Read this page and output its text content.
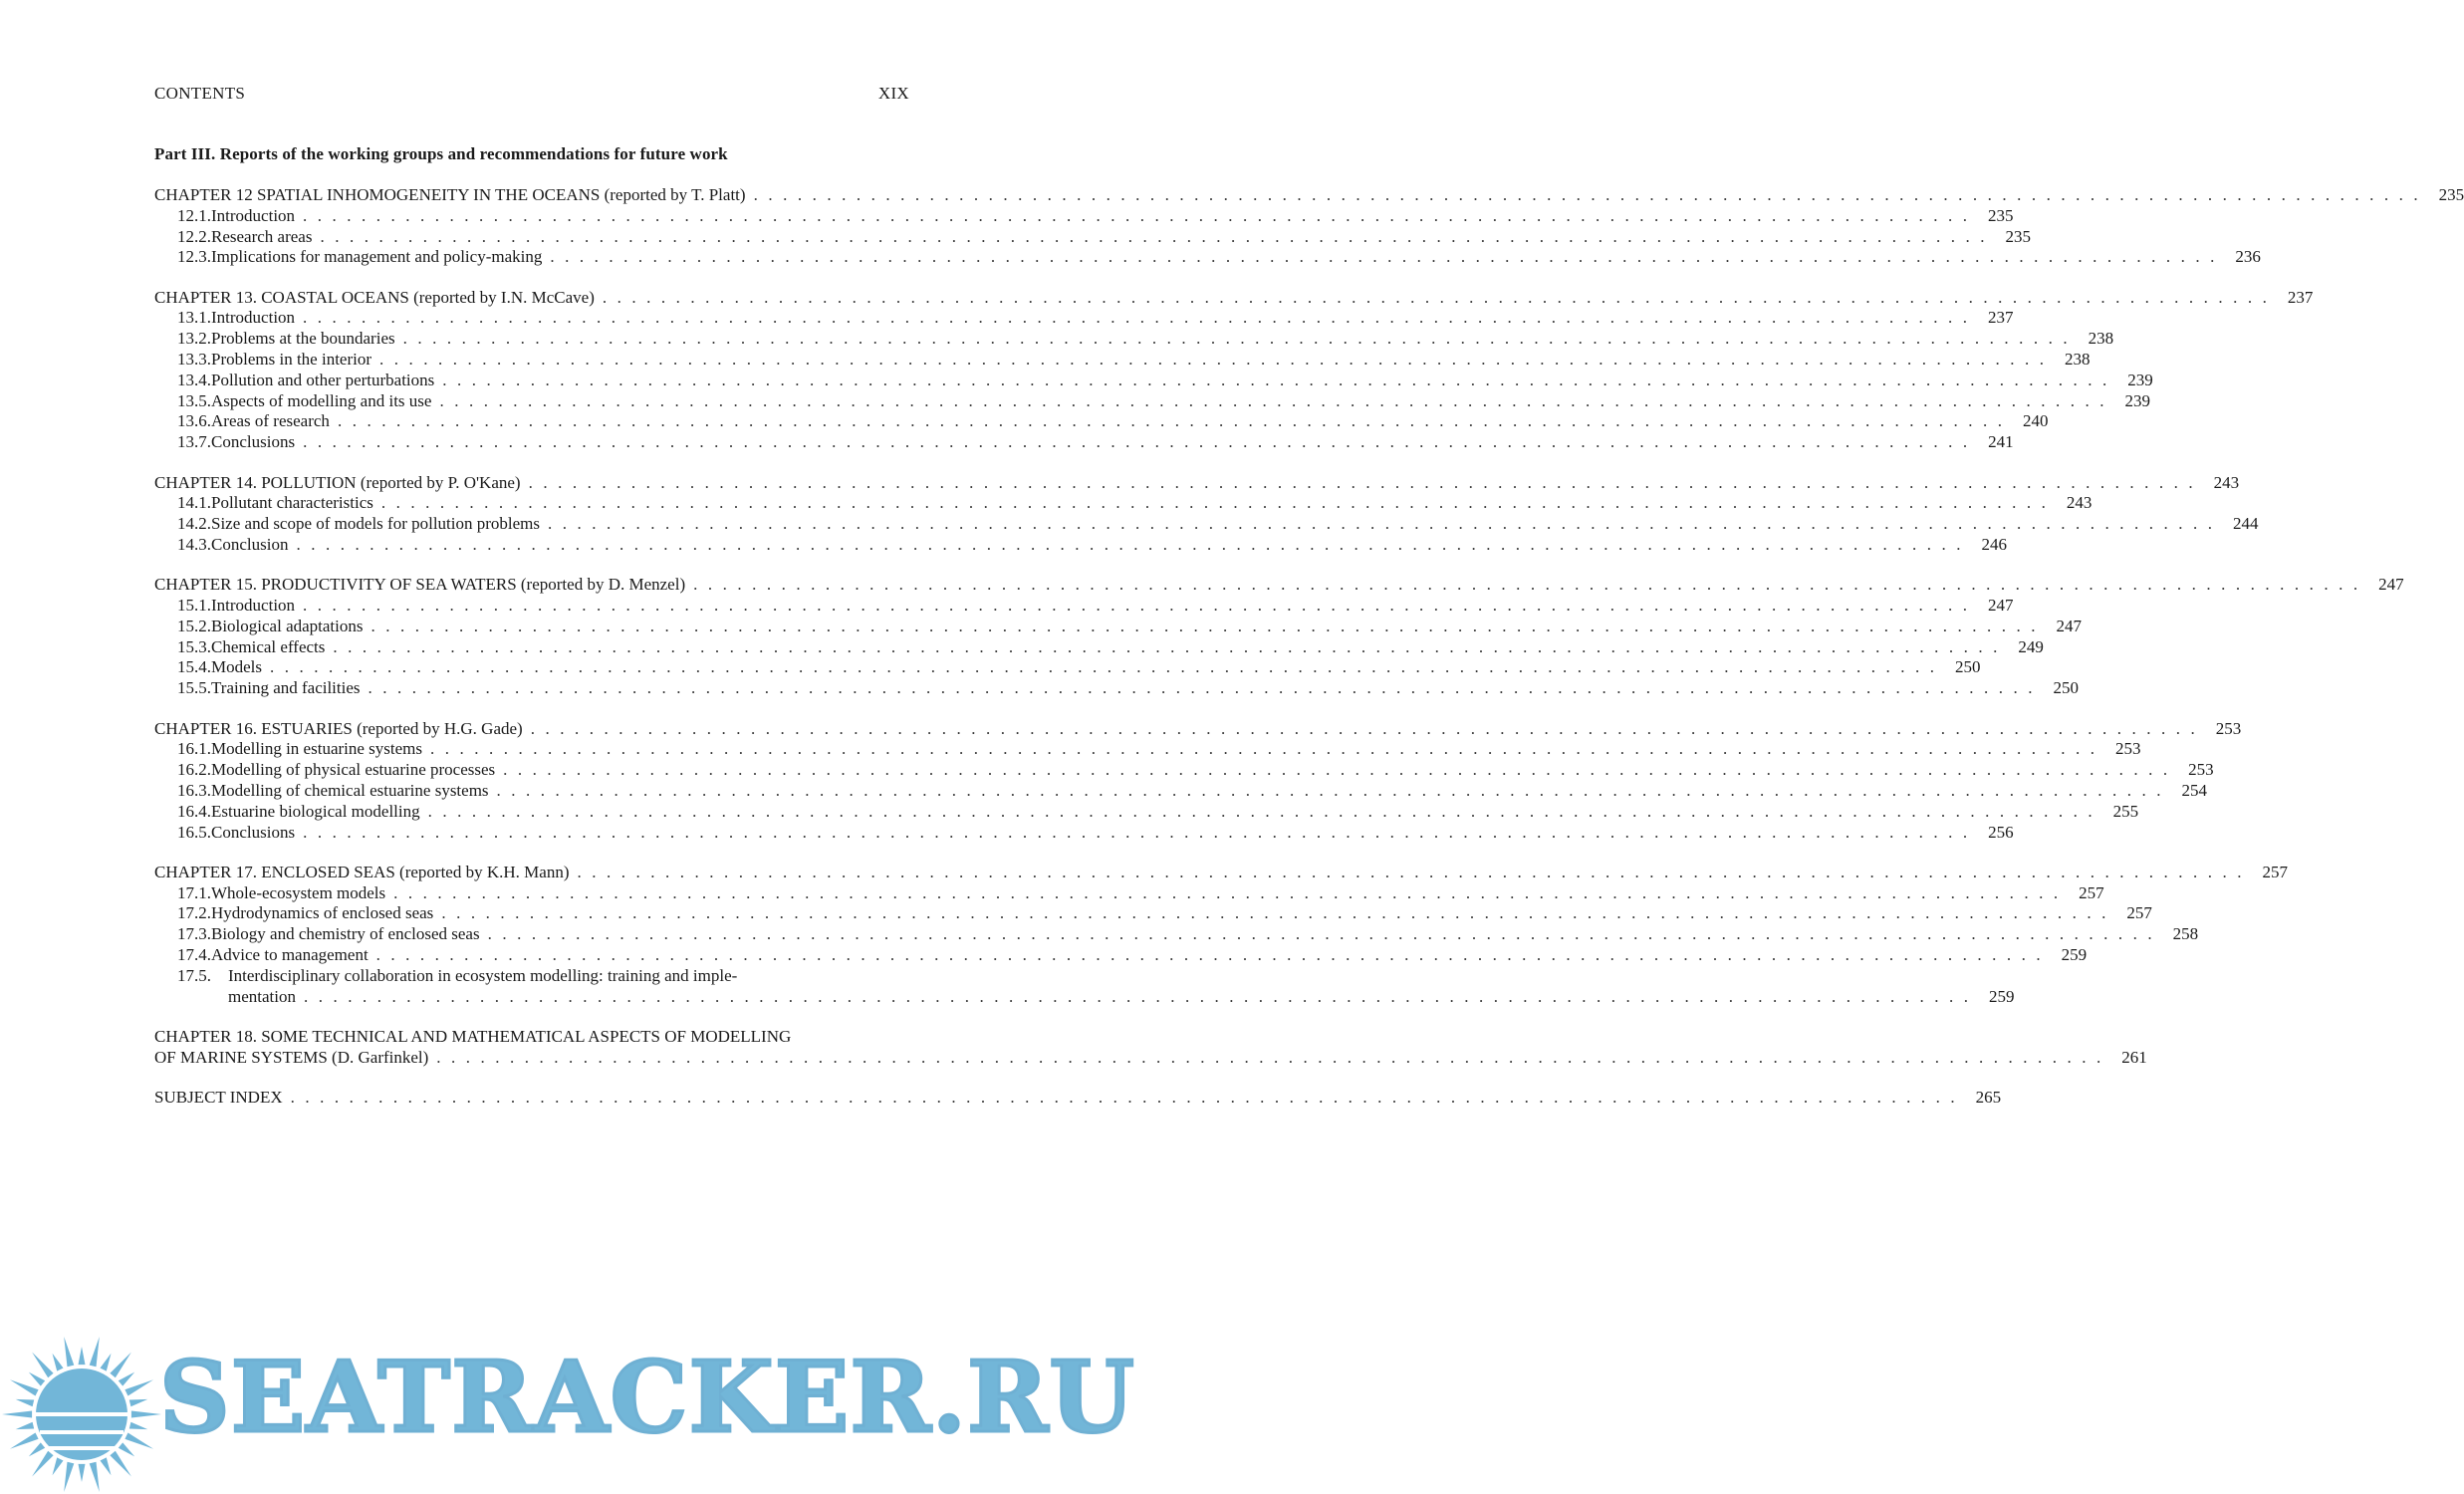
CONTENTS	XIX
Part III. Reports of the working groups and recommendations for future work
CHAPTER 12 SPATIAL INHOMOGENEITY IN THE OCEANS (reported by T. Platt) .................................................................................................................. 235
12.1. Introduction .................................................................................................................. 235
12.2. Research areas .................................................................................................................. 235
12.3. Implications for management and policy-making .................................................................................................................. 236
CHAPTER 13. COASTAL OCEANS (reported by I.N. McCave) .................................................................................................................. 237
13.1. Introduction .................................................................................................................. 237
13.2. Problems at the boundaries .................................................................................................................. 238
13.3. Problems in the interior .................................................................................................................. 238
13.4. Pollution and other perturbations .................................................................................................................. 239
13.5. Aspects of modelling and its use .................................................................................................................. 239
13.6. Areas of research .................................................................................................................. 240
13.7. Conclusions .................................................................................................................. 241
CHAPTER 14. POLLUTION (reported by P. O'Kane) .................................................................................................................. 243
14.1. Pollutant characteristics .................................................................................................................. 243
14.2. Size and scope of models for pollution problems .................................................................................................................. 244
14.3. Conclusion .................................................................................................................. 246
CHAPTER 15. PRODUCTIVITY OF SEA WATERS (reported by D. Menzel) .................................................................................................................. 247
15.1. Introduction .................................................................................................................. 247
15.2. Biological adaptations .................................................................................................................. 247
15.3. Chemical effects .................................................................................................................. 249
15.4. Models .................................................................................................................. 250
15.5. Training and facilities .................................................................................................................. 250
CHAPTER 16. ESTUARIES (reported by H.G. Gade) .................................................................................................................. 253
16.1. Modelling in estuarine systems .................................................................................................................. 253
16.2. Modelling of physical estuarine processes .................................................................................................................. 253
16.3. Modelling of chemical estuarine systems .................................................................................................................. 254
16.4. Estuarine biological modelling .................................................................................................................. 255
16.5. Conclusions .................................................................................................................. 256
CHAPTER 17. ENCLOSED SEAS (reported by K.H. Mann) .................................................................................................................. 257
17.1. Whole-ecosystem models .................................................................................................................. 257
17.2. Hydrodynamics of enclosed seas .................................................................................................................. 257
17.3. Biology and chemistry of enclosed seas .................................................................................................................. 258
17.4. Advice to management .................................................................................................................. 259
17.5. Interdisciplinary collaboration in ecosystem modelling: training and imple-
mentation .................................................................................................................. 259
CHAPTER 18. SOME TECHNICAL AND MATHEMATICAL ASPECTS OF MODELLING
OF MARINE SYSTEMS (D. Garfinkel) .................................................................................................................. 261
SUBJECT INDEX .................................................................................................................. 265
SEATRACKER.RU
